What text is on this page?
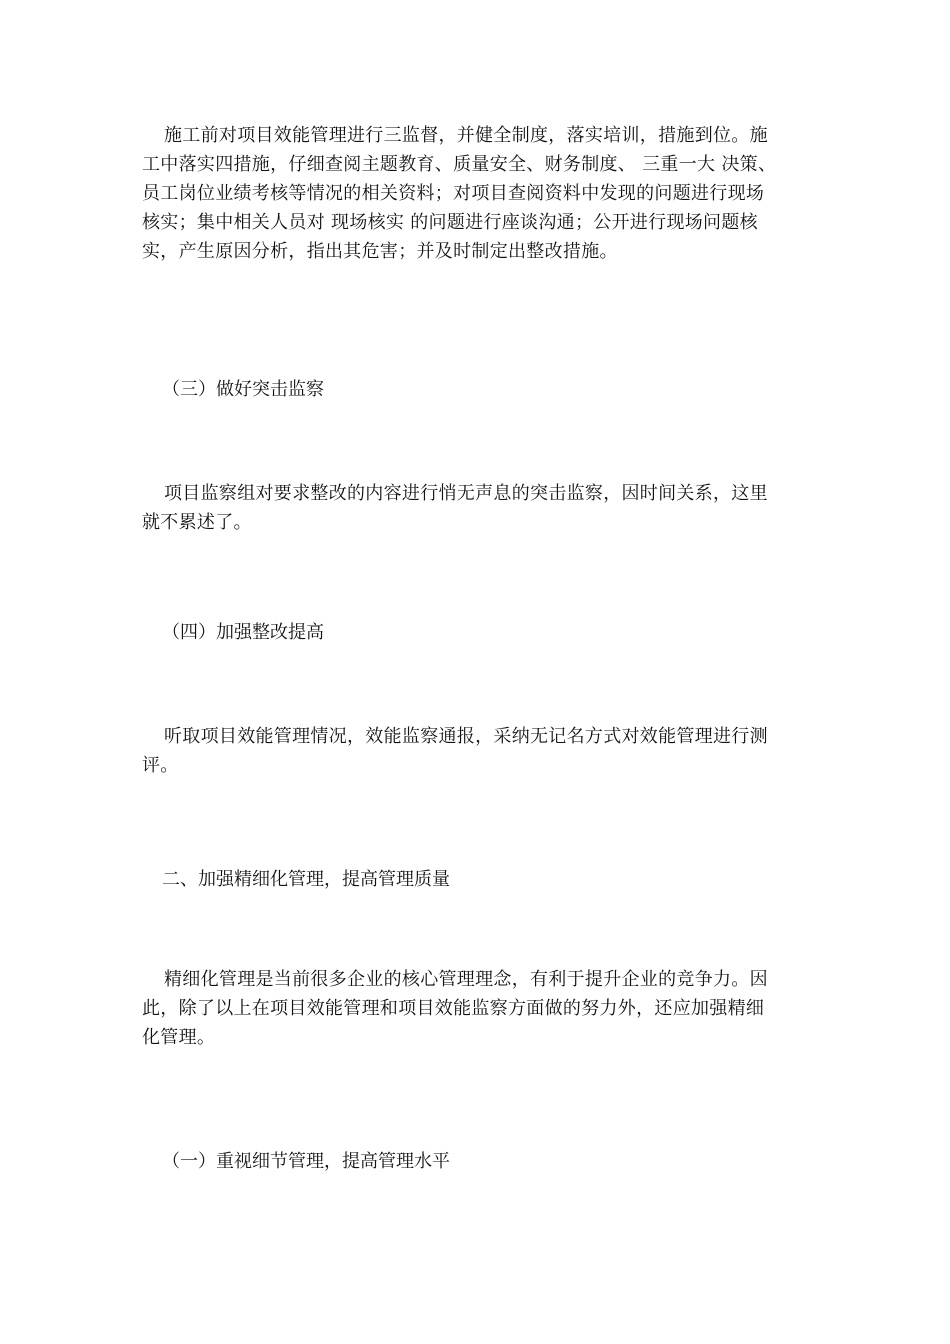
施工前对项目效能管理进行三监督，并健全制度，落实培训，措施到位。施
工中落实四措施，仔细查阅主题教育、质量安全、财务制度、 三重一大 决策、
员工岗位业绩考核等情况的相关资料；对项目查阅资料中发现的问题进行现场
核实；集中相关人员对 现场核实 的问题进行座谈沟通；公开进行现场问题核
实，产生原因分析，指出其危害；并及时制定出整改措施。
（三）做好突击监察
项目监察组对要求整改的内容进行悄无声息的突击监察，因时间关系，这里
就不累述了。
（四）加强整改提高
听取项目效能管理情况，效能监察通报，采纳无记名方式对效能管理进行测
评。
二、加强精细化管理，提高管理质量
精细化管理是当前很多企业的核心管理理念，有利于提升企业的竞争力。因
此，除了以上在项目效能管理和项目效能监察方面做的努力外，还应加强精细
化管理。
（一）重视细节管理，提高管理水平
